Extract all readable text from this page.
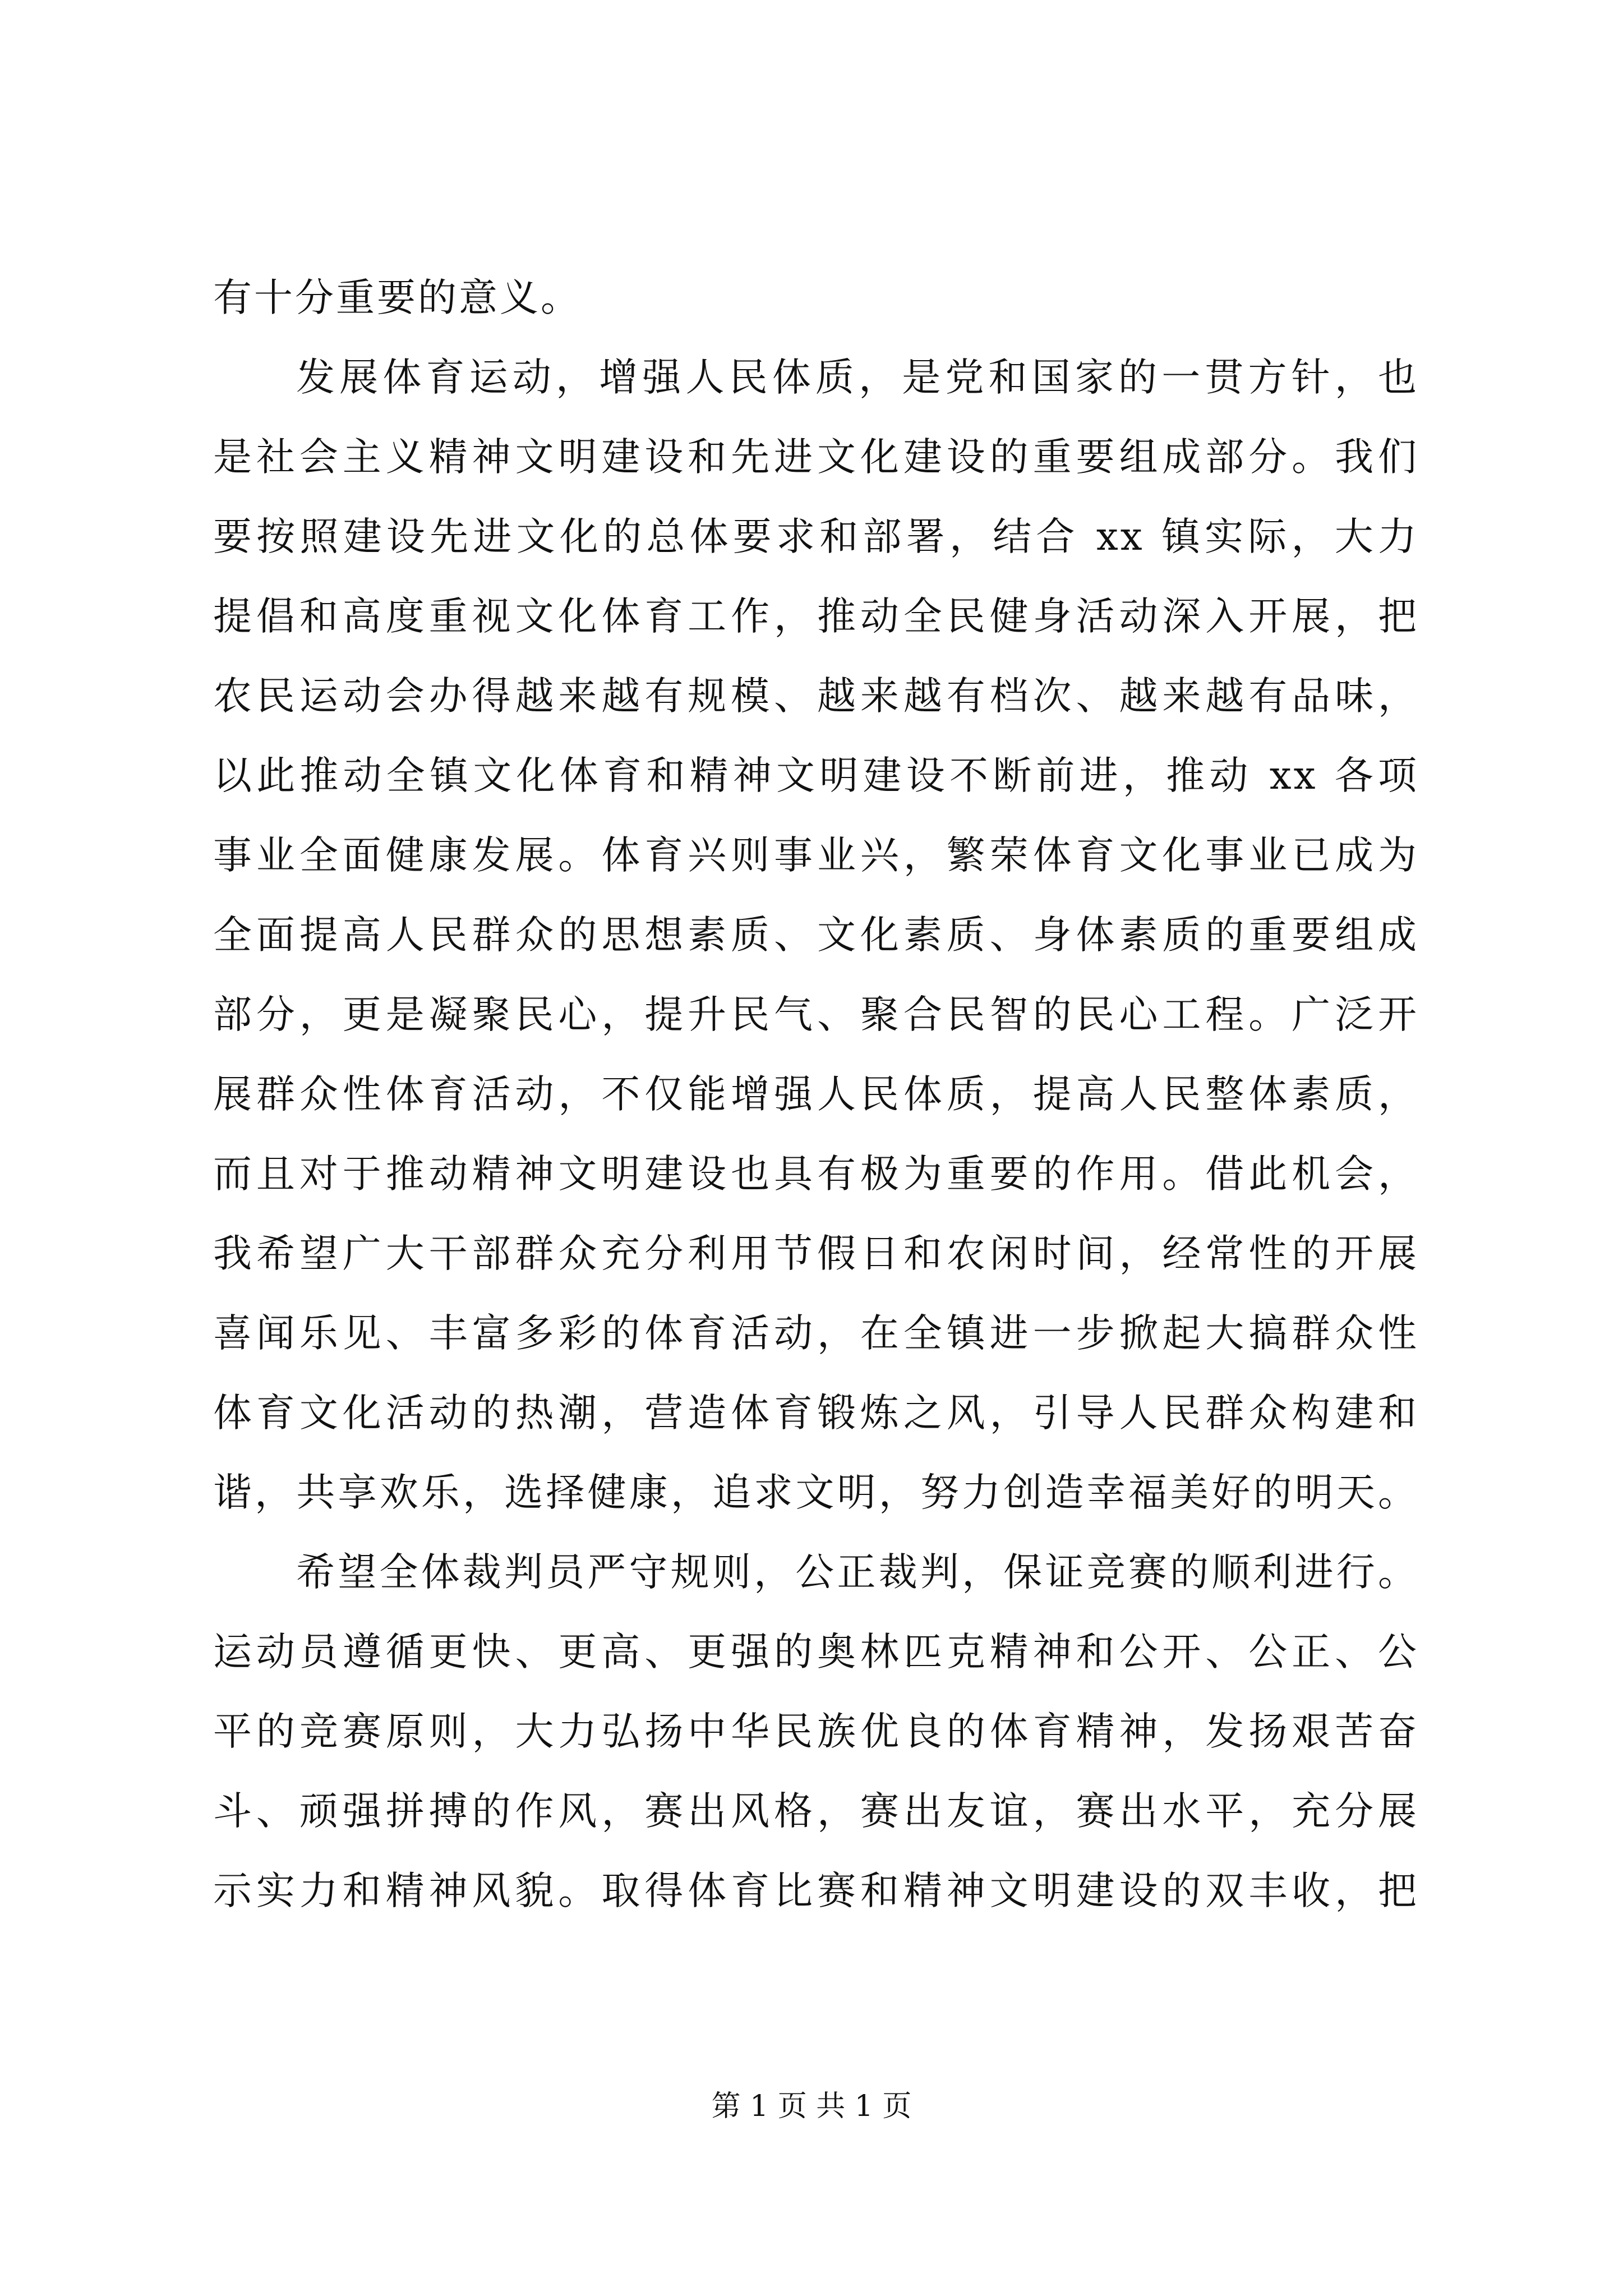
有十分重要的意义。
发展体育运动，增强人民体质，是党和国家的一贯方针，也
是社会主义精神文明建设和先进文化建设的重要组成部分。我们
要按照建设先进文化的总体要求和部署，结合 xx 镇实际，大力
提倡和高度重视文化体育工作，推动全民健身活动深入开展，把
农民运动会办得越来越有规模、越来越有档次、越来越有品味，
以此推动全镇文化体育和精神文明建设不断前进，推动 xx 各项
事业全面健康发展。体育兴则事业兴，繁荣体育文化事业已成为
全面提高人民群众的思想素质、文化素质、身体素质的重要组成
部分，更是凝聚民心，提升民气、聚合民智的民心工程。广泛开
展群众性体育活动，不仅能增强人民体质，提高人民整体素质，
而且对于推动精神文明建设也具有极为重要的作用。借此机会，
我希望广大干部群众充分利用节假日和农闲时间，经常性的开展
喜闻乐见、丰富多彩的体育活动，在全镇进一步掀起大搞群众性
体育文化活动的热潮，营造体育锻炼之风，引导人民群众构建和
谐，共享欢乐，选择健康，追求文明，努力创造幸福美好的明天。
希望全体裁判员严守规则，公正裁判，保证竞赛的顺利进行。
运动员遵循更快、更高、更强的奥林匹克精神和公开、公正、公
平的竞赛原则，大力弘扬中华民族优良的体育精神，发扬艰苦奋
斗、顽强拼搏的作风，赛出风格，赛出友谊，赛出水平，充分展
示实力和精神风貌。取得体育比赛和精神文明建设的双丰收，把
第 1 页 共 1 页
